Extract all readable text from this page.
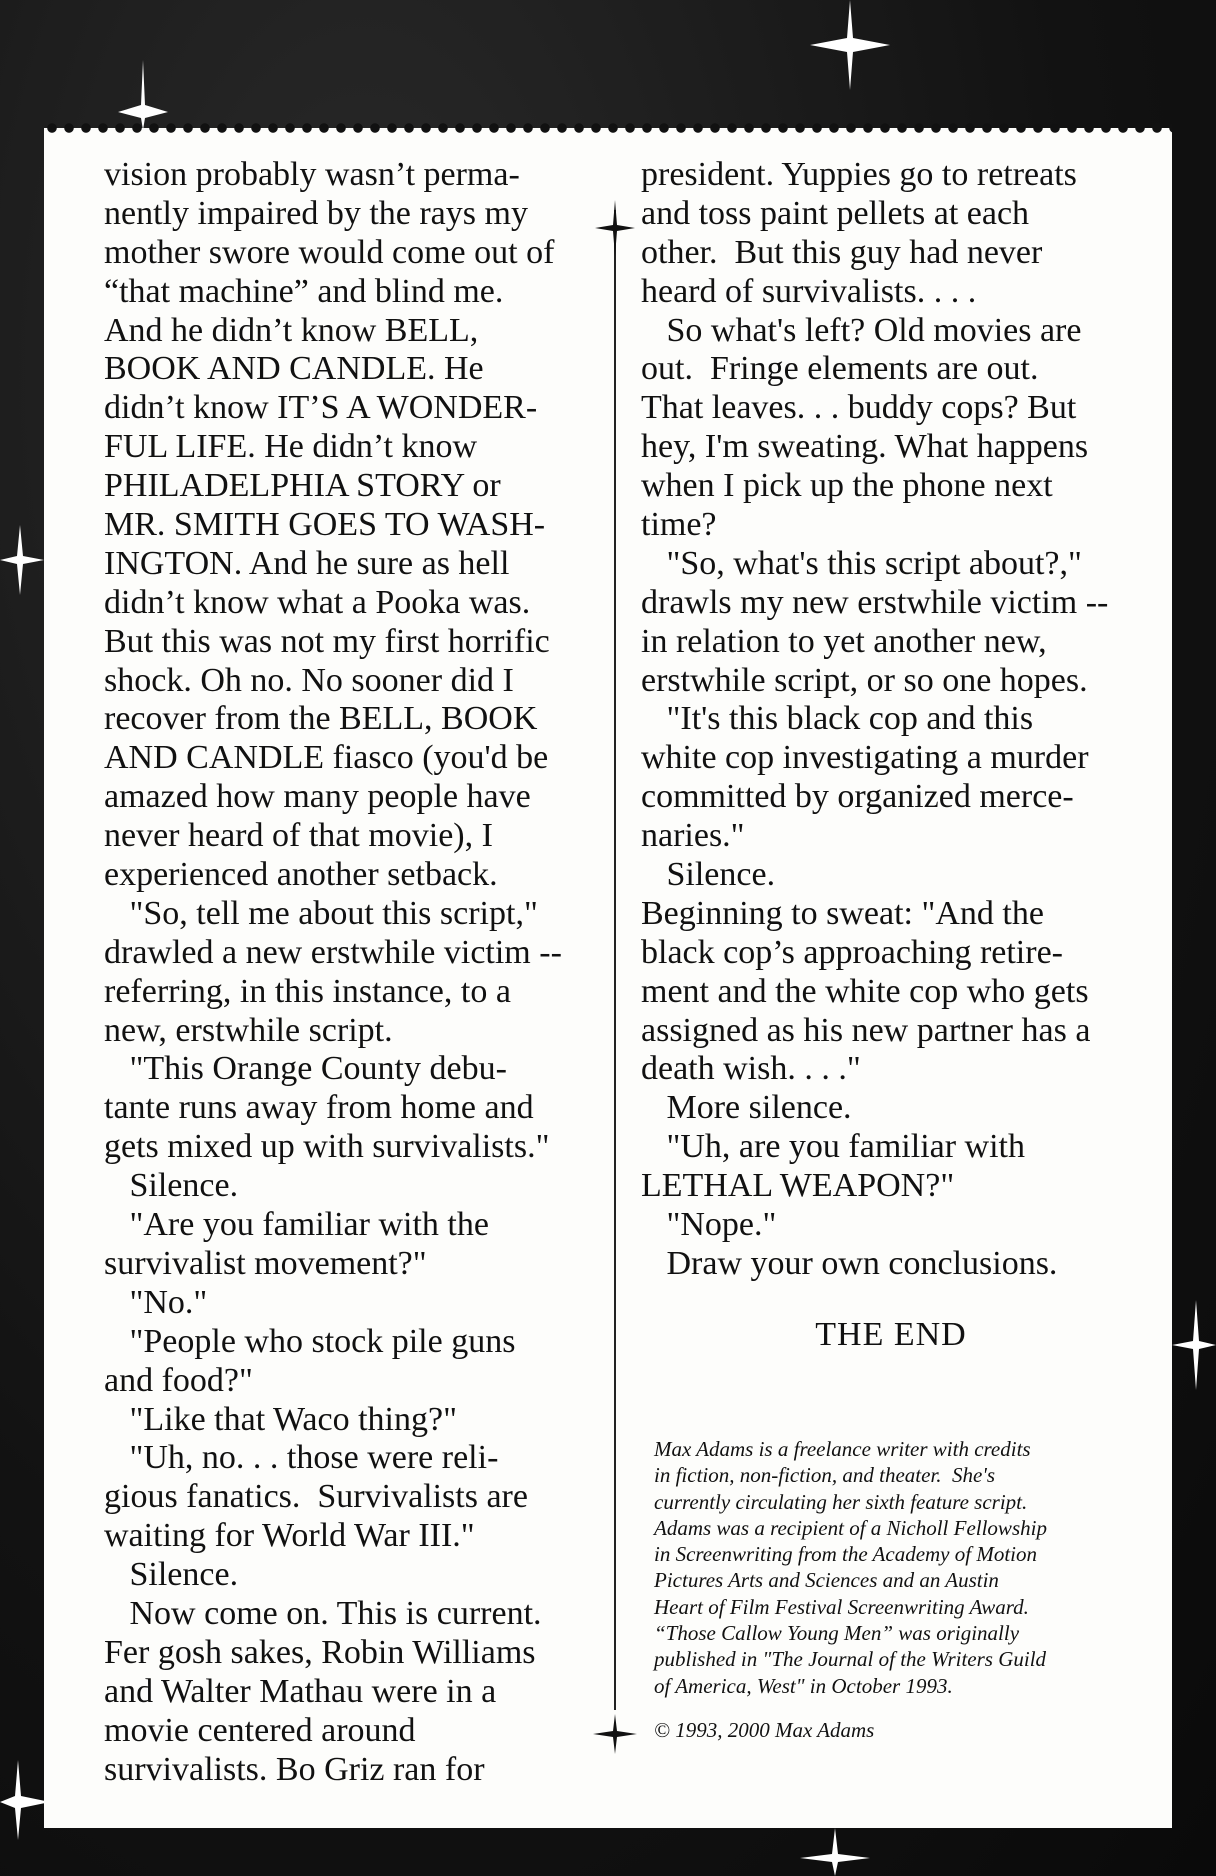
vision probably wasn’t perma-
nently impaired by the rays my
mother swore would come out of
“that machine” and blind me.
And he didn’t know BELL,
BOOK AND CANDLE. He
didn’t know IT’S A WONDER-
FUL LIFE. He didn’t know
PHILADELPHIA STORY or
MR. SMITH GOES TO WASH-
INGTON. And he sure as hell
didn’t know what a Pooka was.
But this was not my first horrific
shock. Oh no. No sooner did I
recover from the BELL, BOOK
AND CANDLE fiasco (you'd be
amazed how many people have
never heard of that movie), I
experienced another setback.
"So, tell me about this script,"
drawled a new erstwhile victim --
referring, in this instance, to a
new, erstwhile script.
"This Orange County debu-
tante runs away from home and
gets mixed up with survivalists."
Silence.
"Are you familiar with the
survivalist movement?"
"No."
"People who stock pile guns
and food?"
"Like that Waco thing?"
"Uh, no. . . those were reli-
gious fanatics.  Survivalists are
waiting for World War III."
Silence.
Now come on. This is current.
Fer gosh sakes, Robin Williams
and Walter Mathau were in a
movie centered around
survivalists. Bo Griz ran for
president. Yuppies go to retreats
and toss paint pellets at each
other.  But this guy had never
heard of survivalists. . . .
So what's left? Old movies are
out.  Fringe elements are out.
That leaves. . . buddy cops? But
hey, I'm sweating. What happens
when I pick up the phone next
time?
"So, what's this script about?,"
drawls my new erstwhile victim --
in relation to yet another new,
erstwhile script, or so one hopes.
"It's this black cop and this
white cop investigating a murder
committed by organized merce-
naries."
Silence.
Beginning to sweat: "And the
black cop’s approaching retire-
ment and the white cop who gets
assigned as his new partner has a
death wish. . . ."
More silence.
"Uh, are you familiar with
LETHAL WEAPON?"
"Nope."
Draw your own conclusions.
THE END
Max Adams is a freelance writer with credits
in fiction, non-fiction, and theater.  She's
currently circulating her sixth feature script.
Adams was a recipient of a Nicholl Fellowship
in Screenwriting from the Academy of Motion
Pictures Arts and Sciences and an Austin
Heart of Film Festival Screenwriting Award.
“Those Callow Young Men” was originally
published in "The Journal of the Writers Guild
of America, West" in October 1993.
© 1993, 2000 Max Adams
